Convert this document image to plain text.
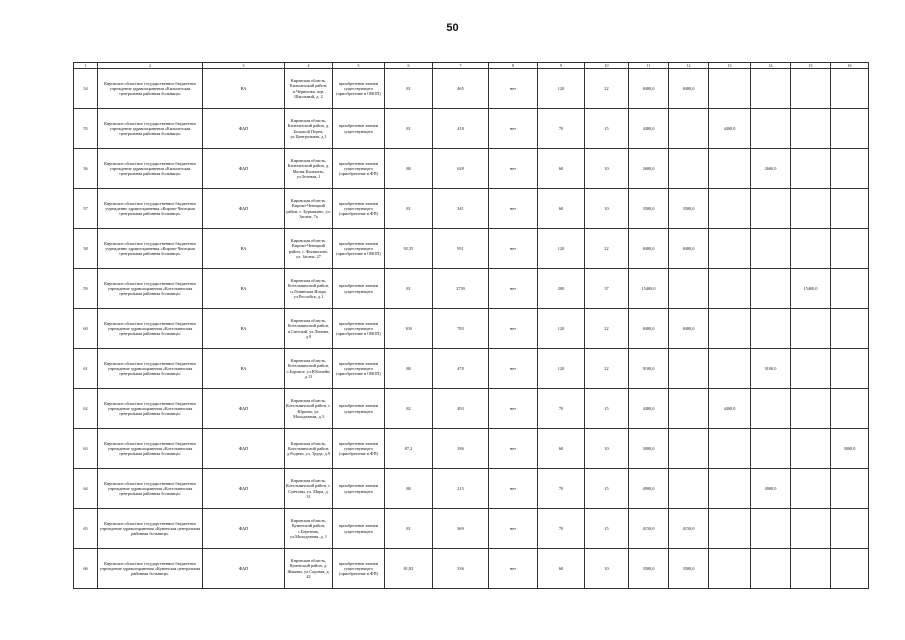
50
1	2	3	4	5	6	7	8	9	10	11	12	13	14	15	16
54	Кировское областное государственное бюджетное учреждение здравоохранения «Кильмезская центральная районная больница»	ВА	Кировская область, Кильмезский район, п.Чернушка, пер. Школьный, д. 2	приобретение взамен существующего (приобретение в ОВОП)	81	465	нет	120	22	8400,0	8400,0				
55	Кировское областное государственное бюджетное учреждение здравоохранения «Кильмезская центральная районная больница»	ФАП	Кировская область, Кильмезский район, д. Большой Порек, ул.Центральная, д.1	приобретение взамен существующего	81	418	нет	70	15	4400,0		4400,0			
56	Кировское областное государственное бюджетное учреждение здравоохранения «Кильмезская центральная районная больница»	ФАП	Кировская область, Кильмезский район, д. Малая Кильмезь, ул.Зеленая, 1	приобретение взамен существующего (приобретение в ФП)	88	628	нет	60	10	2600,0			2600,0		
57	Кировское областное государственное бюджетное учреждение здравоохранения «Кирово-Чепецкая центральная районная больница»	ФАП	Кировская область, Кирово-Чепецкий район, с. Бурмакино, ул. Заозна, 7а	приобретение взамен существующего (приобретение в ФП)	81	341	нет	60	10	3500,0	3500,0				
58	Кировское областное государственное бюджетное учреждение здравоохранения «Кирово-Чепецкая центральная районная больница»	ВА	Кировская область, Кирово-Чепецкий район, с. Филиппово, ул. Заозна, 27	приобретение взамен существующего (приобретение в ОВОП)	92,55	951	нет	120	22	8400,0	8400,0				
59	Кировское областное государственное бюджетное учреждение здравоохранения «Котельничская центральная районная больница»	ВА	Кировская область, Котельничский район, п.Ленинская Искра, ул.Российск, д.1	приобретение взамен существующего	81	2739	нет	200	37	15400,0				15400,0	
60	Кировское областное государственное бюджетное учреждение здравоохранения «Котельничская центральная районная больница»	ВА	Кировская область, Котельничский район, п.Светлый, ул.Ленина, д.9	приобретение взамен существующего (приобретение в ОВОП)	100	783	нет	120	22	8400,0	8400,0				
61	Кировское областное государственное бюджетное учреждение здравоохранения «Котельничская центральная районная больница»	ВА	Кировская область, Котельничский район, с.Боровое, ул.Юбилейн, д.13	приобретение взамен существующего (приобретение в ОВОП)	88	478	нет	120	22	9100,0			9100,0		
62	Кировское областное государственное бюджетное учреждение здравоохранения «Котельничская центральная районная больница»	ФАП	Кировская область, Котельничский район, с. Юрьево, ул. Молодежная, д.3	приобретение взамен существующего	82	493	нет	70	15	4400,0		4400,0			
63	Кировское областное государственное бюджетное учреждение здравоохранения «Котельничская центральная районная больница»	ФАП	Кировская область, Котельничский район, д.Родичи, ул. Труда, д.9	приобретение взамен существующего (приобретение в ФП)	87,2	186	нет	60	10	3000,0					3000,0
64	Кировское областное государственное бюджетное учреждение здравоохранения «Котельничская центральная районная больница»	ФАП	Кировская область, Котельничский район, с. Сметаны, ул. Мира, д. 31	приобретение взамен существующего	88	215	нет	70	15	4900,0			4900,0		
65	Кировское областное государственное бюджетное учреждение здравоохранения «Куменская центральная районная больница»	ФАП	Кировская область, Куменский район, с.Березник, ул.Молодежная, д. 1	приобретение взамен существующего	81	369	нет	70	15	4150,0	4150,0				
66	Кировское областное государственное бюджетное учреждение здравоохранения «Куменская центральная районная больница»	ФАП	Кировская область, Куменский район, д. Жаковы, ул.Садовая, д. 42	приобретение взамен существующего (приобретение в ФП)	81,82	336	нет	60	10	3500,0	3500,0				
